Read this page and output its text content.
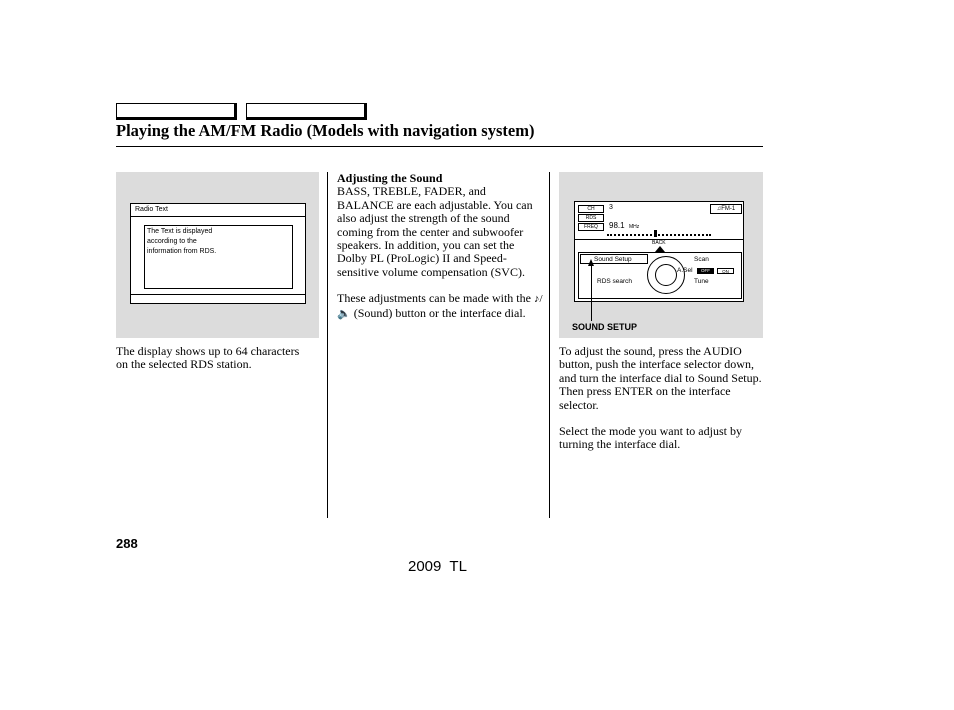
Playing the AM/FM Radio (Models with navigation system)
Radio Text
The Text is displayed
according to the
information from RDS.
The display shows up to 64 characters on the selected RDS station.

Adjusting the Sound

BASS, TREBLE, FADER, and BALANCE are each adjustable. You can also adjust the strength of the sound coming from the center and subwoofer speakers. In addition, you can set the Dolby PL (ProLogic) II and Speed-sensitive volume compensation (SVC).

These adjustments can be made with the ♪/🔈 (Sound) button or the interface dial.

CH	3
RDS
FREQ	98.1 MHz
♫FM-1
BACK
Sound Setup	Scan
A.Sel	OFF	ON
RDS search	Tune
SOUND SETUP

To adjust the sound, press the AUDIO button, push the interface selector down, and turn the interface dial to Sound Setup. Then press ENTER on the interface selector.

Select the mode you want to adjust by turning the interface dial.

288
2009  TL
